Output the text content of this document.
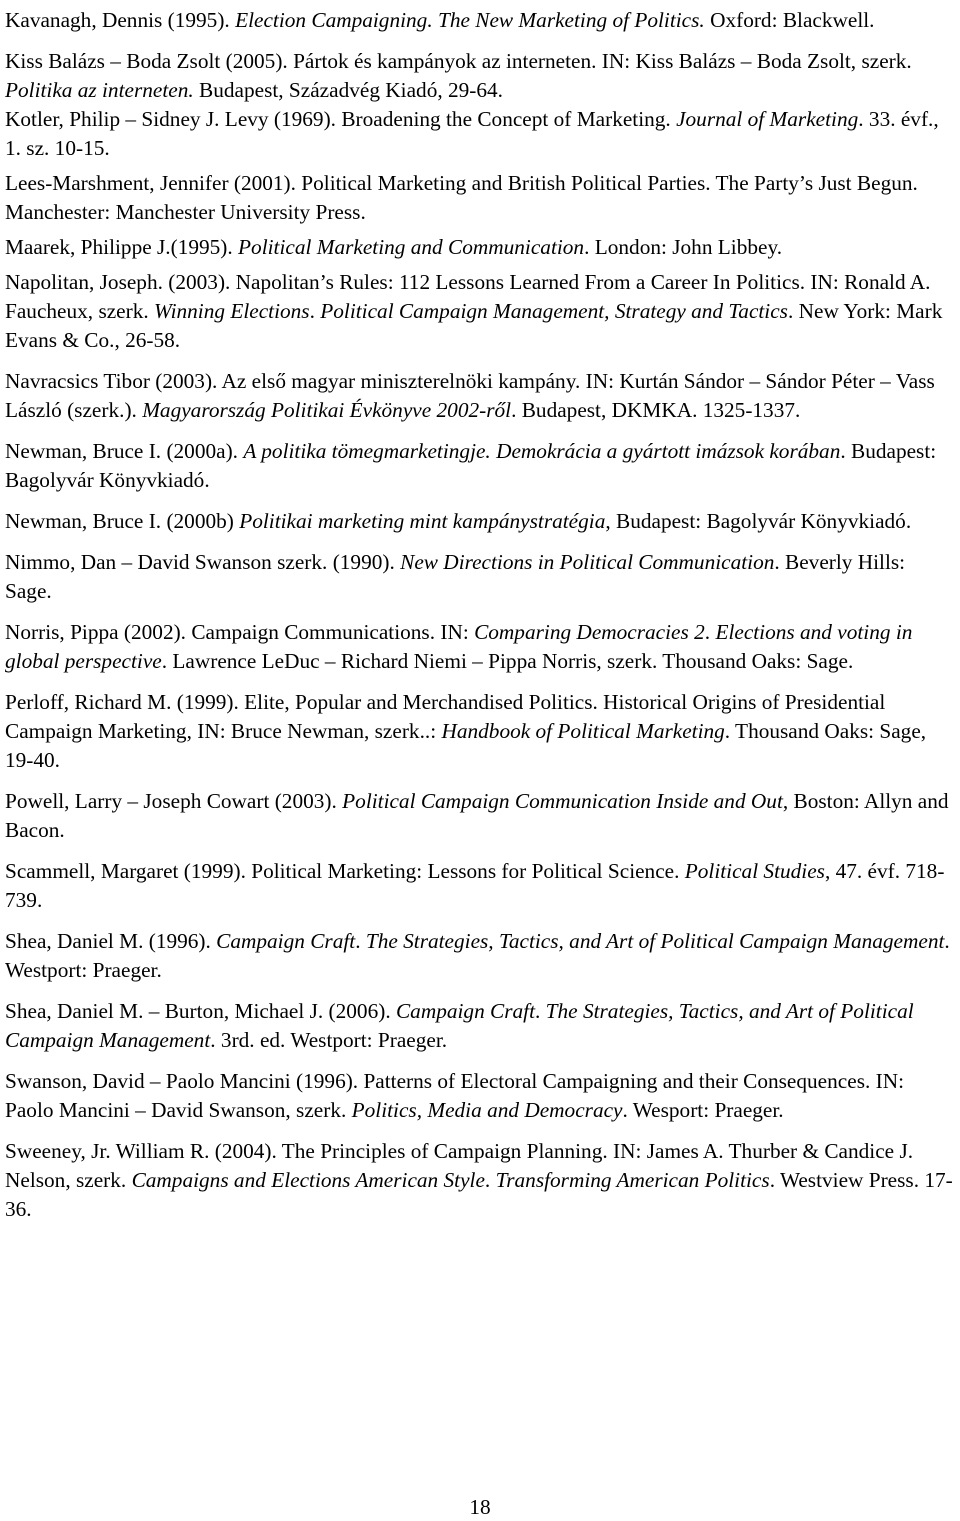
Kavanagh, Dennis (1995). Election Campaigning. The New Marketing of Politics. Oxford: Blackwell.

Kiss Balázs – Boda Zsolt (2005). Pártok és kampányok az interneten. IN: Kiss Balázs – Boda Zsolt, szerk. Politika az interneten. Budapest, Századvég Kiadó, 29-64.

Kotler, Philip – Sidney J. Levy (1969). Broadening the Concept of Marketing. Journal of Marketing. 33. évf., 1. sz. 10-15.

Lees-Marshment, Jennifer (2001). Political Marketing and British Political Parties. The Party’s Just Begun. Manchester: Manchester University Press.

Maarek, Philippe J.(1995). Political Marketing and Communication. London: John Libbey.

Napolitan, Joseph. (2003). Napolitan’s Rules: 112 Lessons Learned From a Career In Politics. IN: Ronald A. Faucheux, szerk. Winning Elections. Political Campaign Management, Strategy and Tactics. New York: Mark Evans & Co., 26-58.

Navracsics Tibor (2003). Az első magyar miniszterelnöki kampány. IN: Kurtán Sándor – Sándor Péter – Vass László (szerk.). Magyarország Politikai Évkönyve 2002-ről. Budapest, DKMKA. 1325-1337.

Newman, Bruce I. (2000a). A politika tömegmarketingje. Demokrácia a gyártott imázsok korában. Budapest: Bagolyvár Könyvkiadó.

Newman, Bruce I. (2000b) Politikai marketing mint kampánystratégia, Budapest: Bagolyvár Könyvkiadó.

Nimmo, Dan – David Swanson szerk. (1990). New Directions in Political Communication. Beverly Hills: Sage.

Norris, Pippa (2002). Campaign Communications. IN: Comparing Democracies 2. Elections and voting in global perspective. Lawrence LeDuc – Richard Niemi – Pippa Norris, szerk. Thousand Oaks: Sage.

Perloff, Richard M. (1999). Elite, Popular and Merchandised Politics. Historical Origins of Presidential Campaign Marketing, IN: Bruce Newman, szerk..: Handbook of Political Marketing. Thousand Oaks: Sage, 19-40.

Powell, Larry – Joseph Cowart (2003). Political Campaign Communication Inside and Out, Boston: Allyn and Bacon.

Scammell, Margaret (1999). Political Marketing: Lessons for Political Science. Political Studies, 47. évf. 718-739.

Shea, Daniel M. (1996). Campaign Craft. The Strategies, Tactics, and Art of Political Campaign Management. Westport: Praeger.

Shea, Daniel M. – Burton, Michael J. (2006). Campaign Craft. The Strategies, Tactics, and Art of Political Campaign Management. 3rd. ed. Westport: Praeger.

Swanson, David – Paolo Mancini (1996). Patterns of Electoral Campaigning and their Consequences. IN: Paolo Mancini – David Swanson, szerk. Politics, Media and Democracy. Wesport: Praeger.

Sweeney, Jr. William R. (2004). The Principles of Campaign Planning. IN: James A. Thurber & Candice J. Nelson, szerk. Campaigns and Elections American Style. Transforming American Politics. Westview Press. 17-36.

18
